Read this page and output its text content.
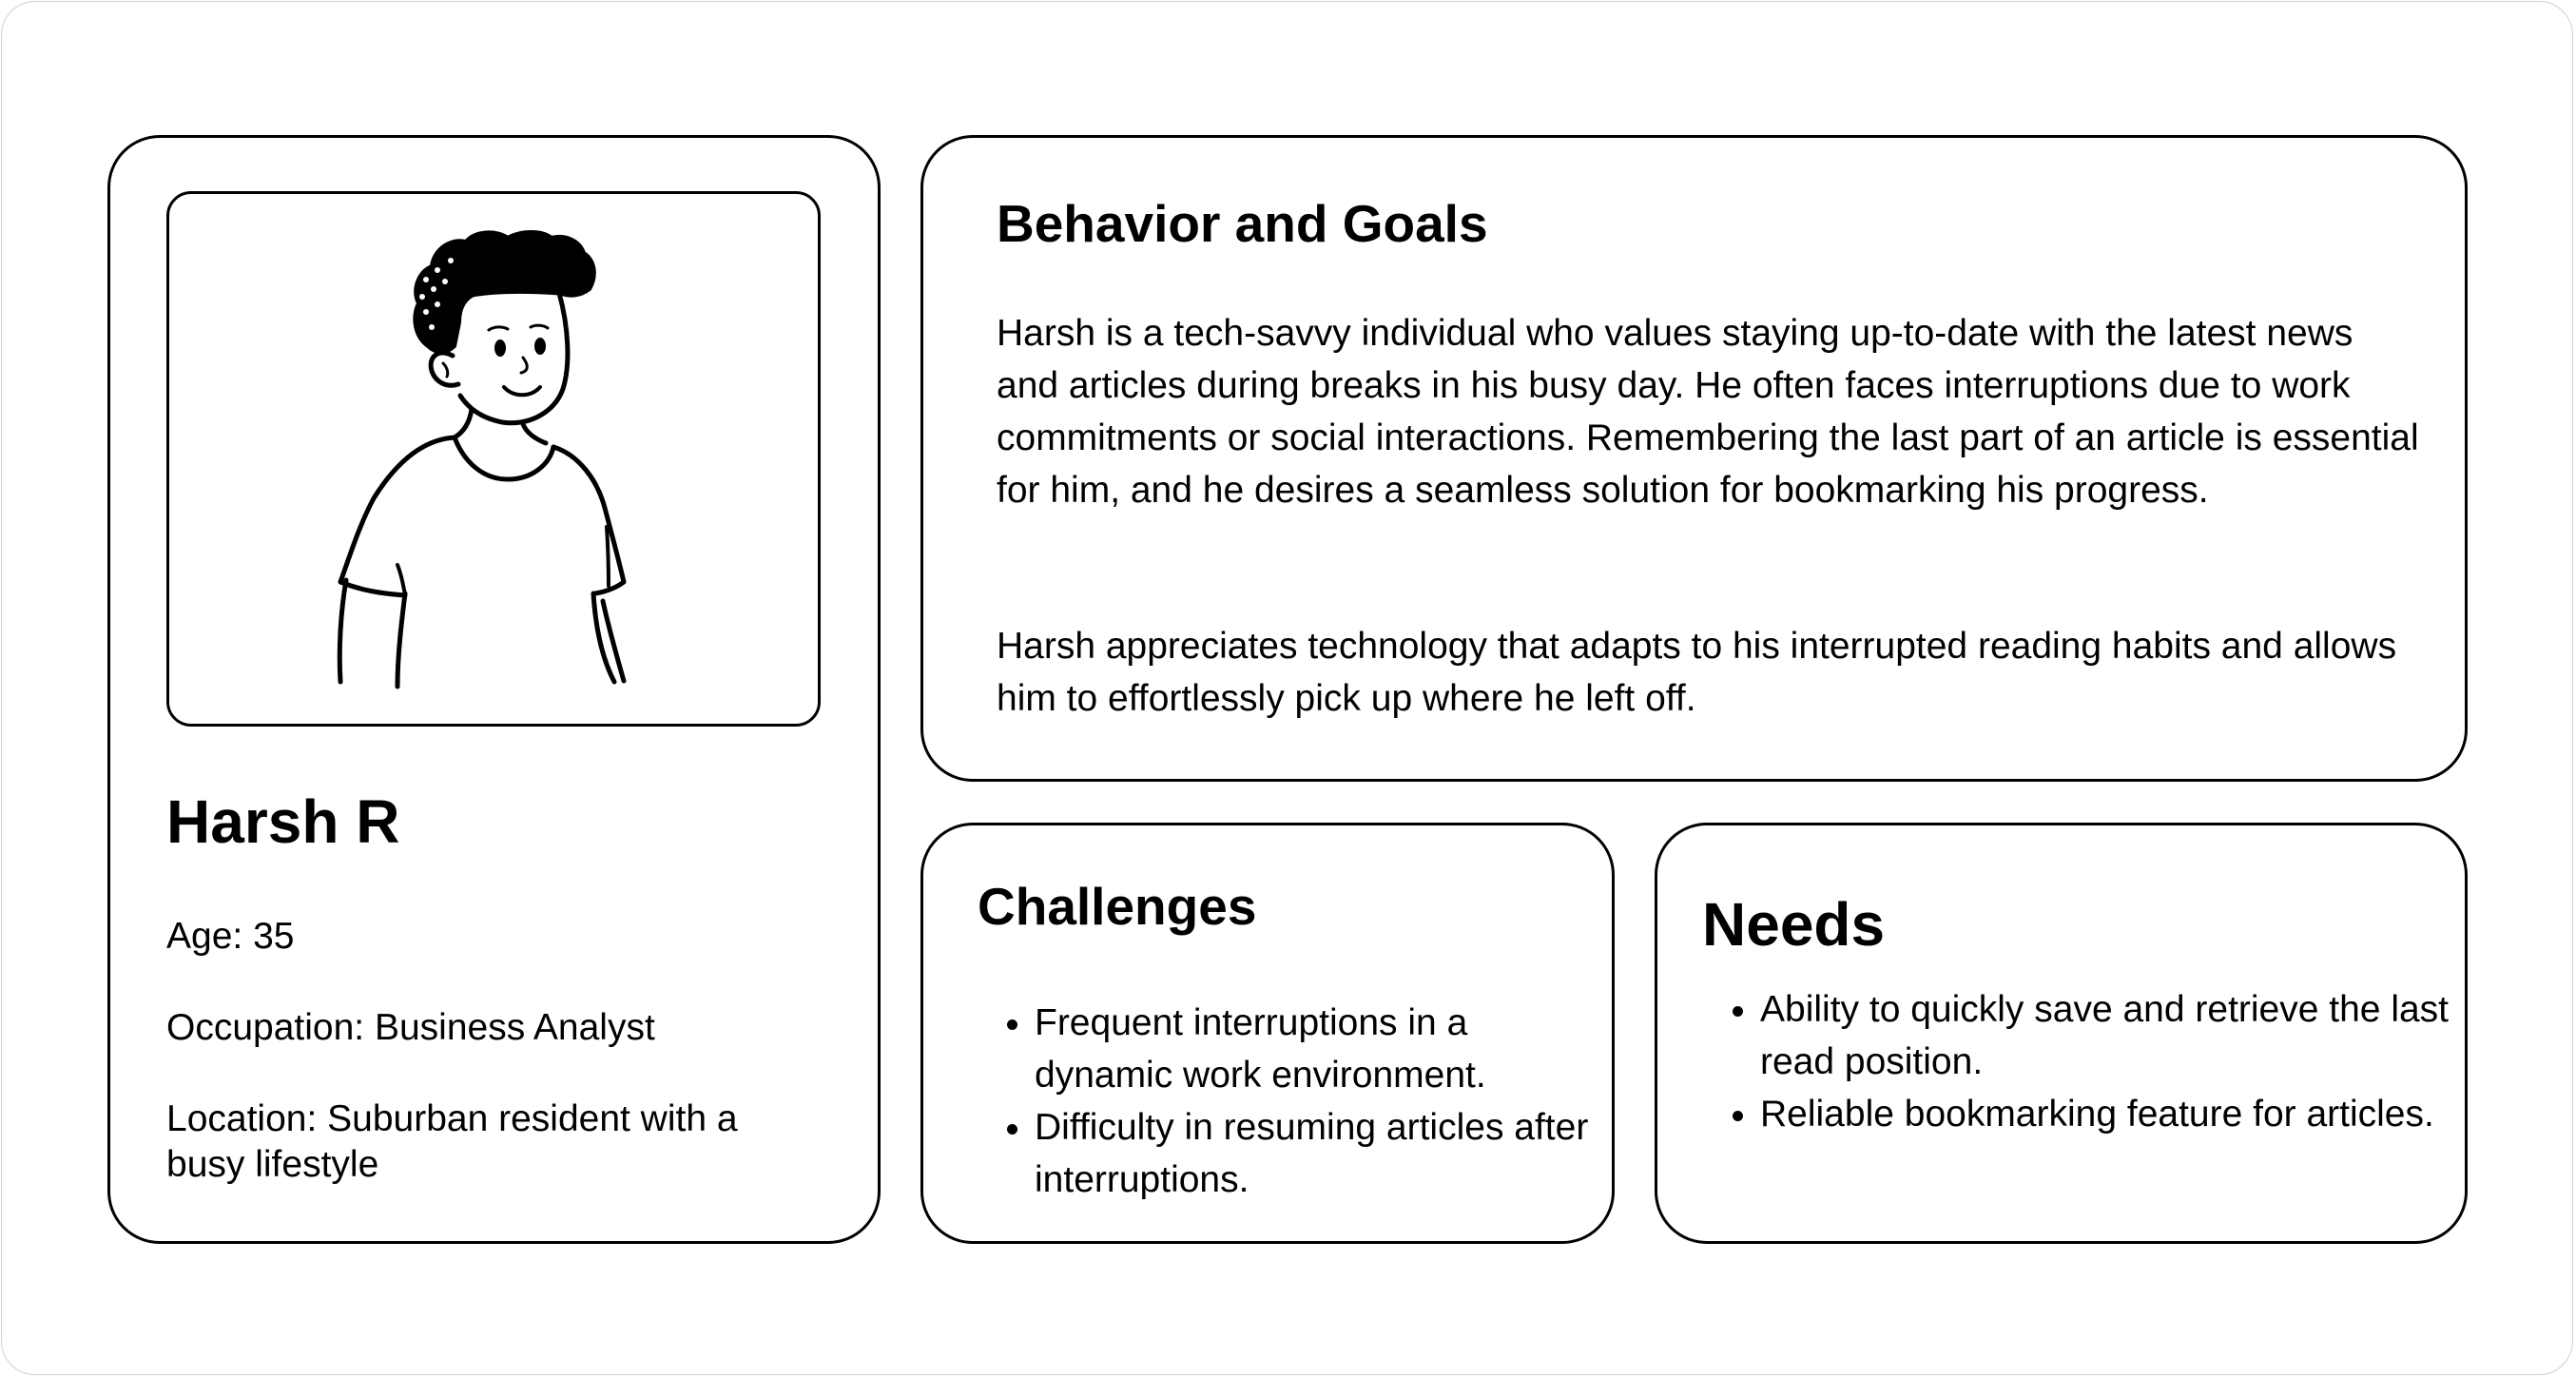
Harsh R

Age: 35

Occupation: Business Analyst

Location: Suburban resident with a busy lifestyle

Behavior and Goals

Harsh is a tech-savvy individual who values staying up-to-date with the latest news and articles during breaks in his busy day. He often faces interruptions due to work commitments or social interactions. Remembering the last part of an article is essential for him, and he desires a seamless solution for bookmarking his progress.

Harsh appreciates technology that adapts to his interrupted reading habits and allows him to effortlessly pick up where he left off.

Challenges
• Frequent interruptions in a dynamic work environment.
• Difficulty in resuming articles after interruptions.
Needs
• Ability to quickly save and retrieve the last read position.
• Reliable bookmarking feature for articles.
